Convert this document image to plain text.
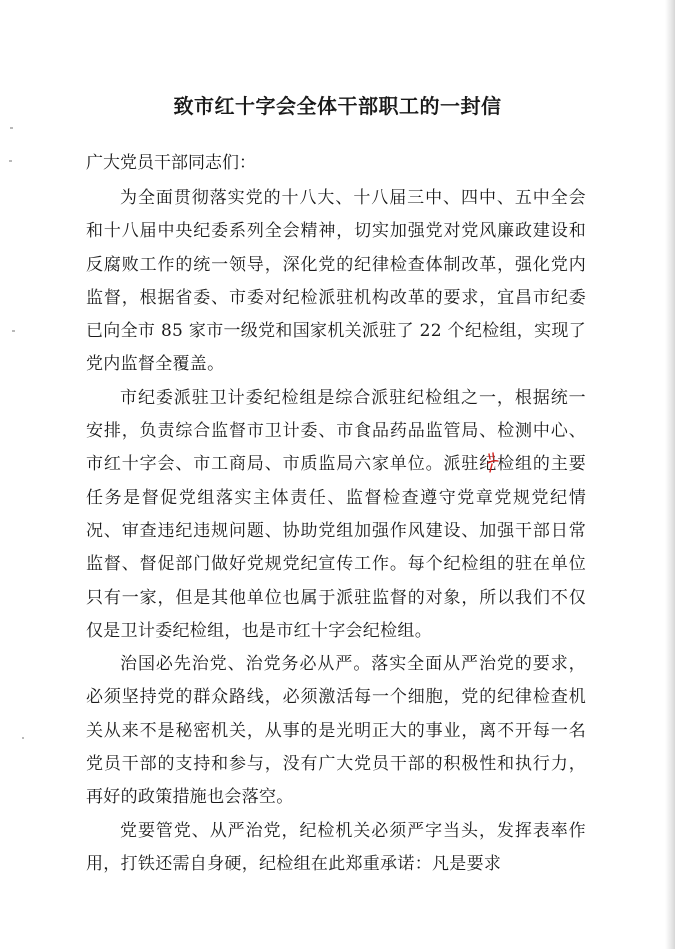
致市红十字会全体干部职工的一封信

广大党员干部同志们：

为全面贯彻落实党的十八大、十八届三中、四中、五中全会和十八届中央纪委系列全会精神，切实加强党对党风廉政建设和反腐败工作的统一领导，深化党的纪律检查体制改革，强化党内监督，根据省委、市委对纪检派驻机构改革的要求，宜昌市纪委已向全市 85 家市一级党和国家机关派驻了 22 个纪检组，实现了党内监督全覆盖。

市纪委派驻卫计委纪检组是综合派驻纪检组之一，根据统一安排，负责综合监督市卫计委、市食品药品监管局、检测中心、市红十字会、市工商局、市质监局六家单位。派驻纪检组的主要任务是督促党组落实主体责任、监督检查遵守党章党规党纪情况、审查违纪违规问题、协助党组加强作风建设、加强干部日常监督、督促部门做好党规党纪宣传工作。每个纪检组的驻在单位只有一家，但是其他单位也属于派驻监督的对象，所以我们不仅仅是卫计委纪检组，也是市红十字会纪检组。

治国必先治党、治党务必从严。落实全面从严治党的要求，必须坚持党的群众路线，必须激活每一个细胞，党的纪律检查机关从来不是秘密机关，从事的是光明正大的事业，离不开每一名党员干部的支持和参与，没有广大党员干部的积极性和执行力，再好的政策措施也会落空。

党要管党、从严治党，纪检机关必须严字当头，发挥表率作用，打铁还需自身硬，纪检组在此郑重承诺：凡是要求
